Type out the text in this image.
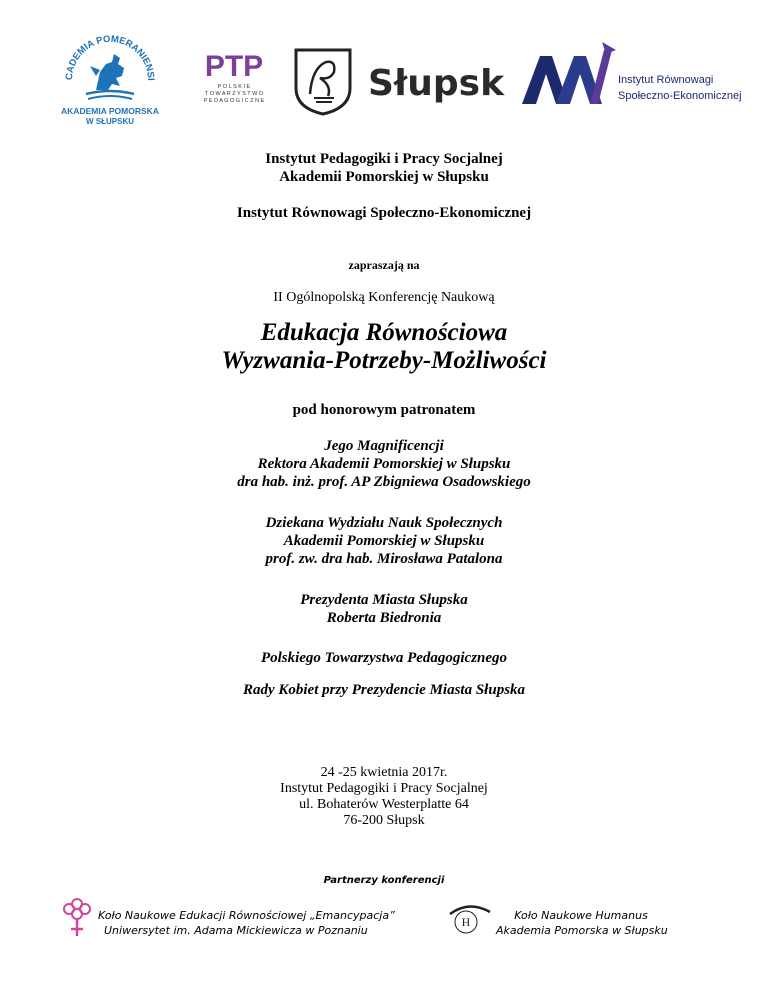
CADEMIA POMERANIENSI
AKADEMIA POMORSKA
W SŁUPSKU
PTP
P O L S K I E
T O W A R Z Y S T W O
P E D A G O G I C Z N E	Słupsk	Instytut Równowagi
Społeczno-Ekonomicznej
Instytut Pedagogiki i Pracy Socjalnej
Akademii Pomorskiej w Słupsku
Instytut Równowagi Społeczno-Ekonomicznej
zapraszają na
II Ogólnopolską Konferencję Naukową
Edukacja Równościowa
Wyzwania-Potrzeby-Możliwości
pod honorowym patronatem
Jego Magnificencji
Rektora Akademii Pomorskiej w Słupsku
dra hab. inż. prof. AP Zbigniewa Osadowskiego
Dziekana Wydziału Nauk Społecznych
Akademii Pomorskiej w Słupsku
prof. zw. dra hab. Mirosława Patalona
Prezydenta Miasta Słupska
Roberta Biedronia
Polskiego Towarzystwa Pedagogicznego
Rady Kobiet przy Prezydencie Miasta Słupska
24 -25 kwietnia 2017r.
Instytut Pedagogiki i Pracy Socjalnej
ul. Bohaterów Westerplatte 64
76-200 Słupsk
Partnerzy konferencji
Koło Naukowe Edukacji Równościowej „Emancypacja”
Uniwersytet im. Adama Mickiewicza w Poznaniu
H	Koło Naukowe Humanus
Akademia Pomorska w Słupsku
